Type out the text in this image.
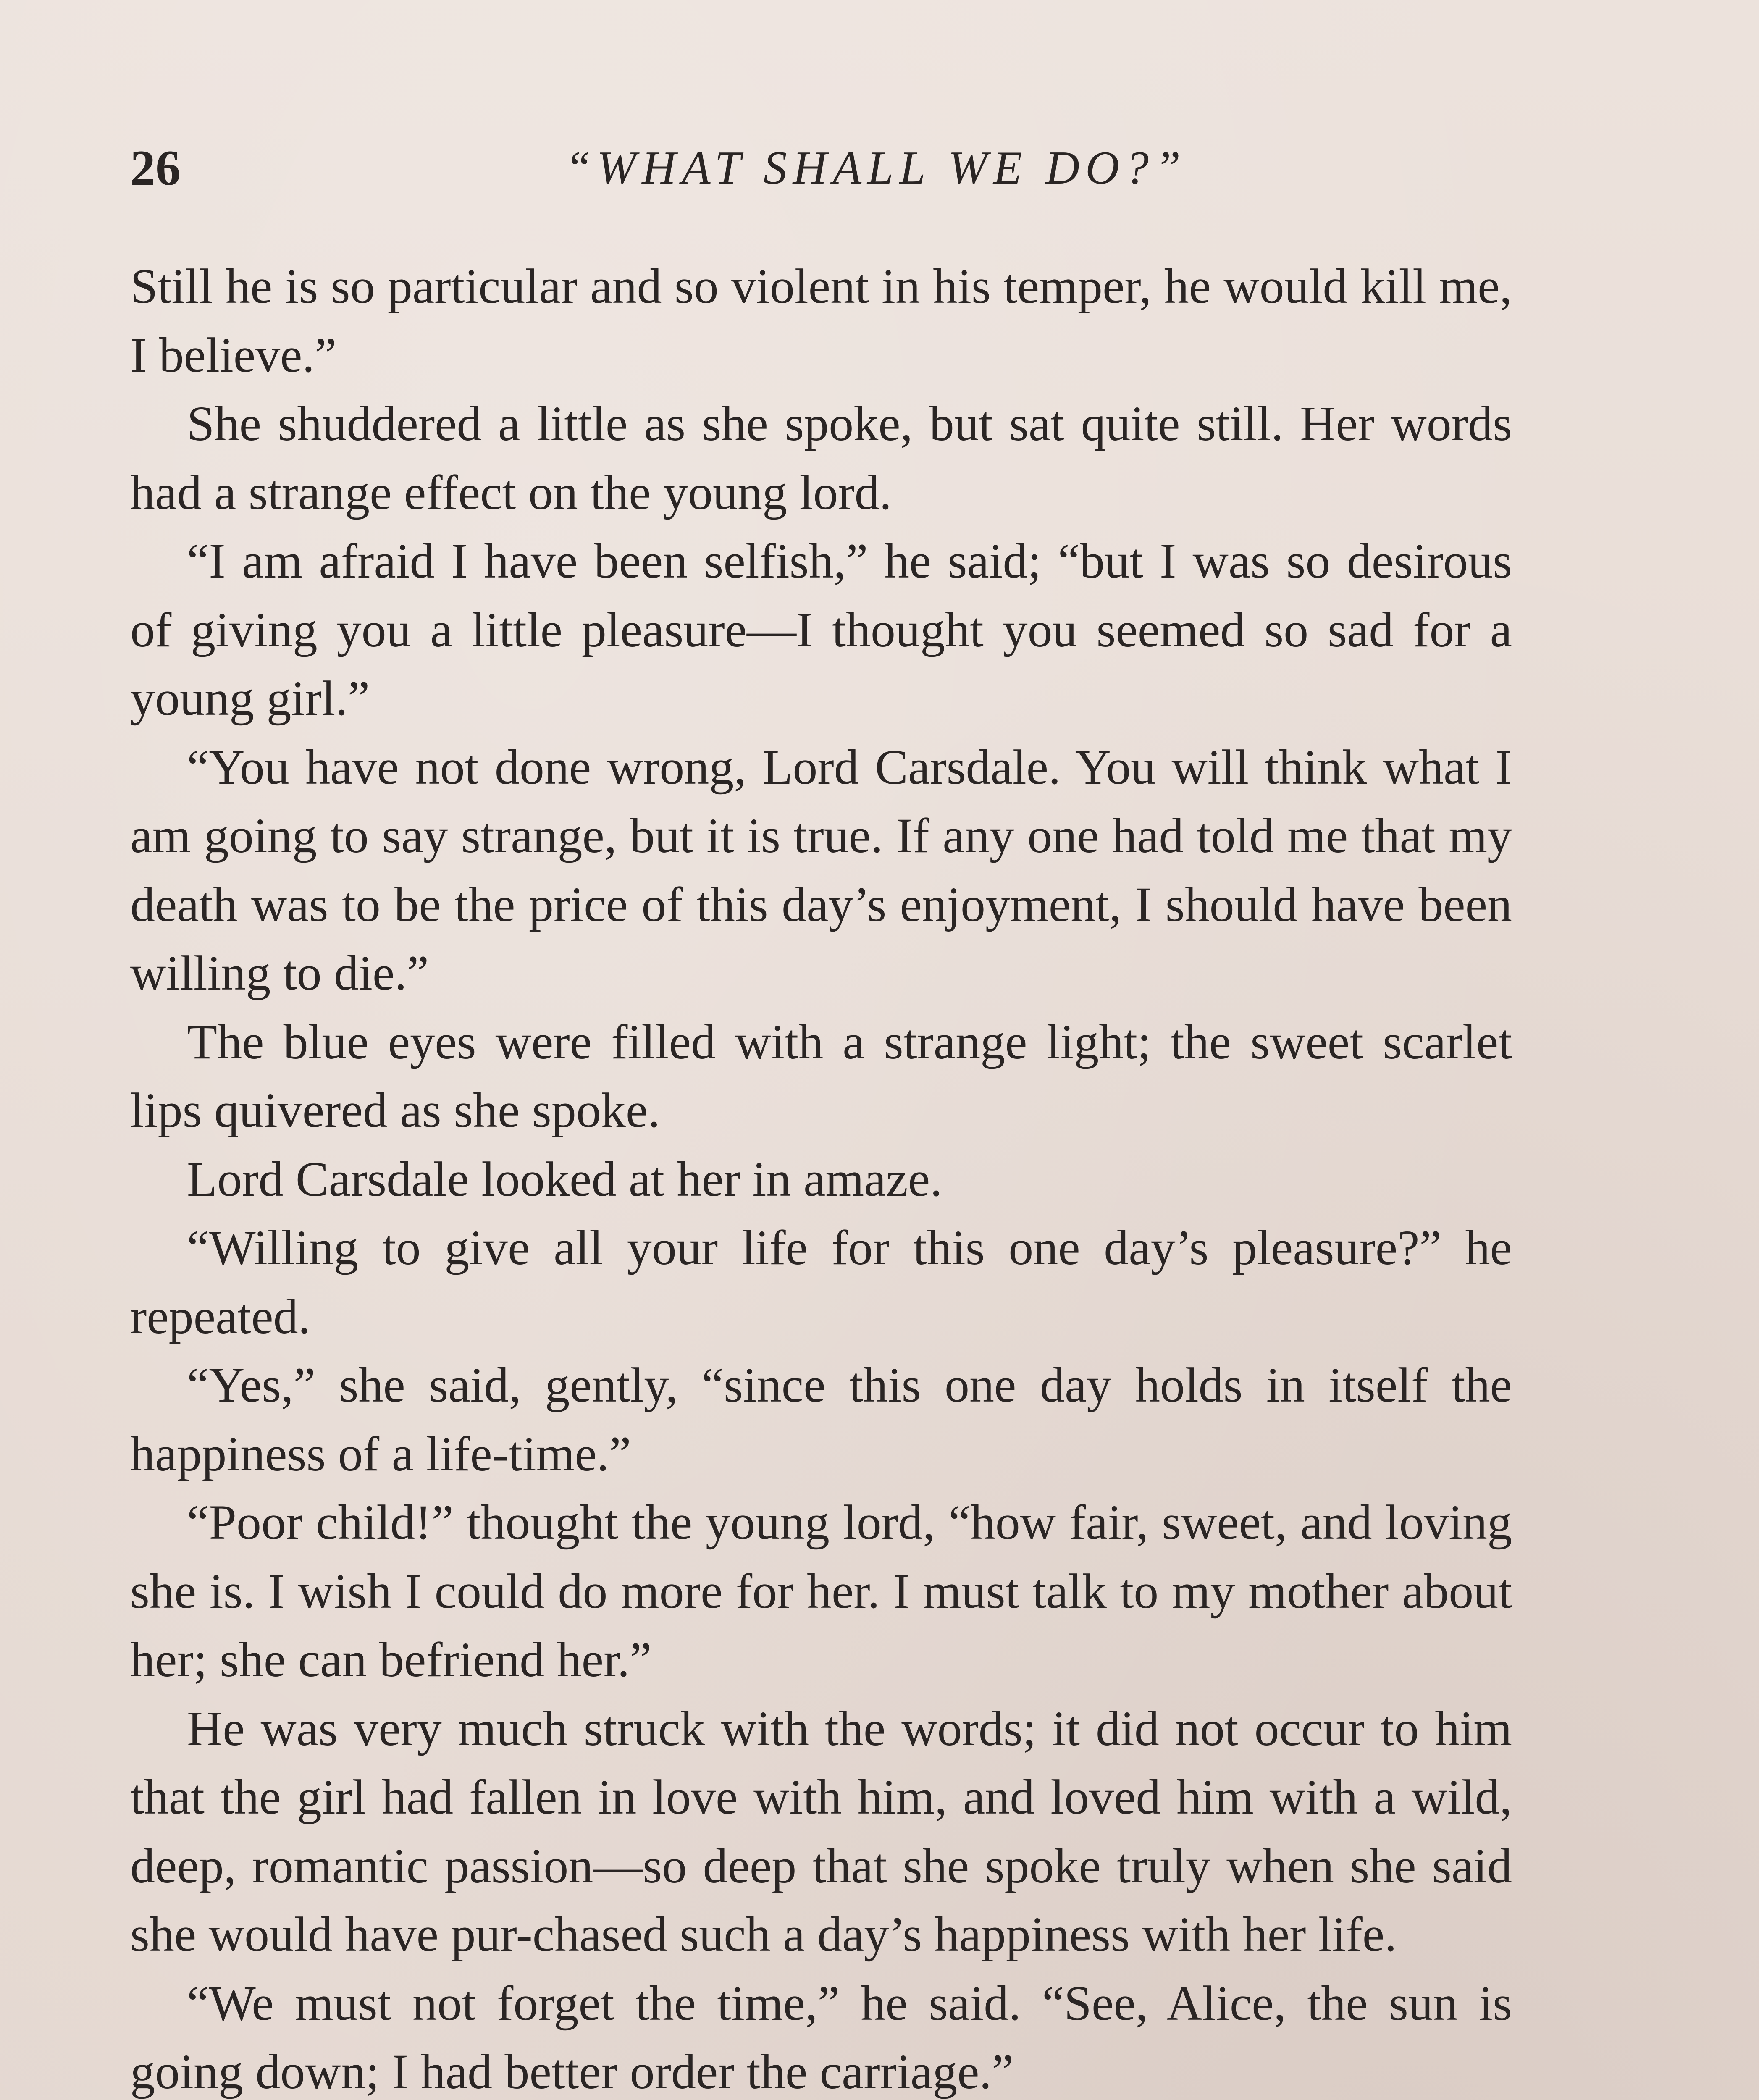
26	“WHAT SHALL WE DO?”

Still he is so particular and so violent in his temper, he would kill me, I believe.”

She shuddered a little as she spoke, but sat quite still. Her words had a strange effect on the young lord.

“I am afraid I have been selfish,” he said; “but I was so desirous of giving you a little pleasure—I thought you seemed so sad for a young girl.”

“You have not done wrong, Lord Carsdale. You will think what I am going to say strange, but it is true. If any one had told me that my death was to be the price of this day’s enjoyment, I should have been willing to die.”

The blue eyes were filled with a strange light; the sweet scarlet lips quivered as she spoke.

Lord Carsdale looked at her in amaze.

“Willing to give all your life for this one day’s pleasure?” he repeated.

“Yes,” she said, gently, “since this one day holds in itself the happiness of a life-time.”

“Poor child!” thought the young lord, “how fair, sweet, and loving she is. I wish I could do more for her. I must talk to my mother about her; she can befriend her.”

He was very much struck with the words; it did not occur to him that the girl had fallen in love with him, and loved him with a wild, deep, romantic passion—so deep that she spoke truly when she said she would have pur-chased such a day’s happiness with her life.

“We must not forget the time,” he said. “See, Alice, the sun is going down; I had better order the carriage.”
